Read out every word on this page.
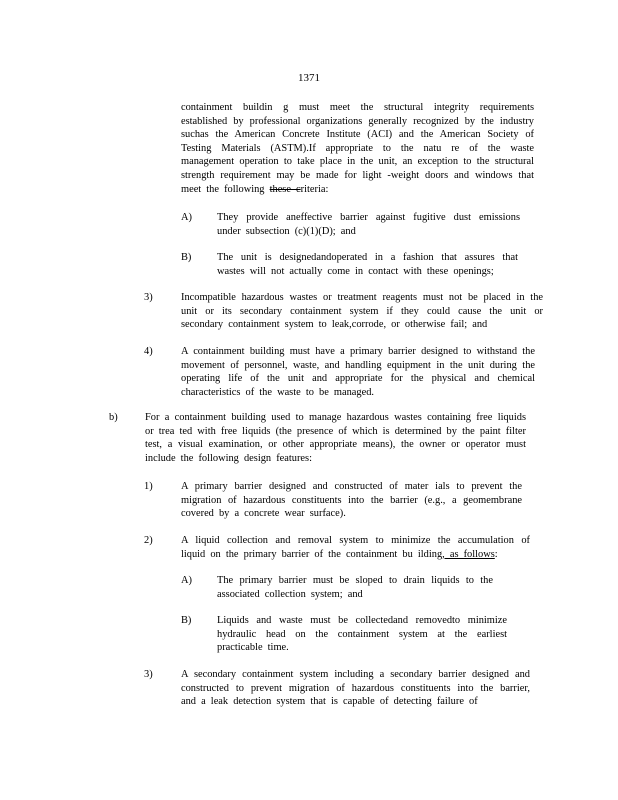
1371
containment buildin g must meet the structural integrity requirements established by professional organizations generally recognized by the industry suchas the American Concrete Institute (ACI) and the American Society of Testing Materials (ASTM).If appropriate to the natu re of the waste management operation to take place in the unit, an exception to the structural strength requirement may be made for light -weight doors and windows that meet the following these criteria:
A) They provide aneffective barrier against fugitive dust emissions under subsection (c)(1)(D); and
B) The unit is designedandoperated in a fashion that assures that wastes will not actually come in contact with these openings;
3)	Incompatible hazardous wastes or treatment reagents must not be placed in the unit or its secondary containment system if they could cause the unit or secondary containment system to leak,corrode, or otherwise fail; and
4)	A containment building must have a primary barrier designed to withstand the movement of personnel, waste, and handling equipment in the unit during the operating life of the unit and appropriate for the physical and chemical characteristics of the waste to be managed.
b)	For a containment building used to manage hazardous wastes containing free liquids or trea ted with free liquids (the presence of which is determined by the paint filter test, a visual examination, or other appropriate means), the owner or operator must include the following design features:
1)	A primary barrier designed and constructed of mater ials to prevent the migration of hazardous constituents into the barrier (e.g., a geomembrane covered by a concrete wear surface).
2)	A liquid collection and removal system to minimize the accumulation of liquid on the primary barrier of the containment bu ilding, as follows:
A) The primary barrier must be sloped to drain liquids to the associated collection system; and
B) Liquids and waste must be collectedand removedto minimize hydraulic head on the containment system at the earliest practicable time.
3)	A secondary containment system including a secondary barrier designed and constructed to prevent migration of hazardous constituents into the barrier, and a leak detection system that is capable of detecting failure of
